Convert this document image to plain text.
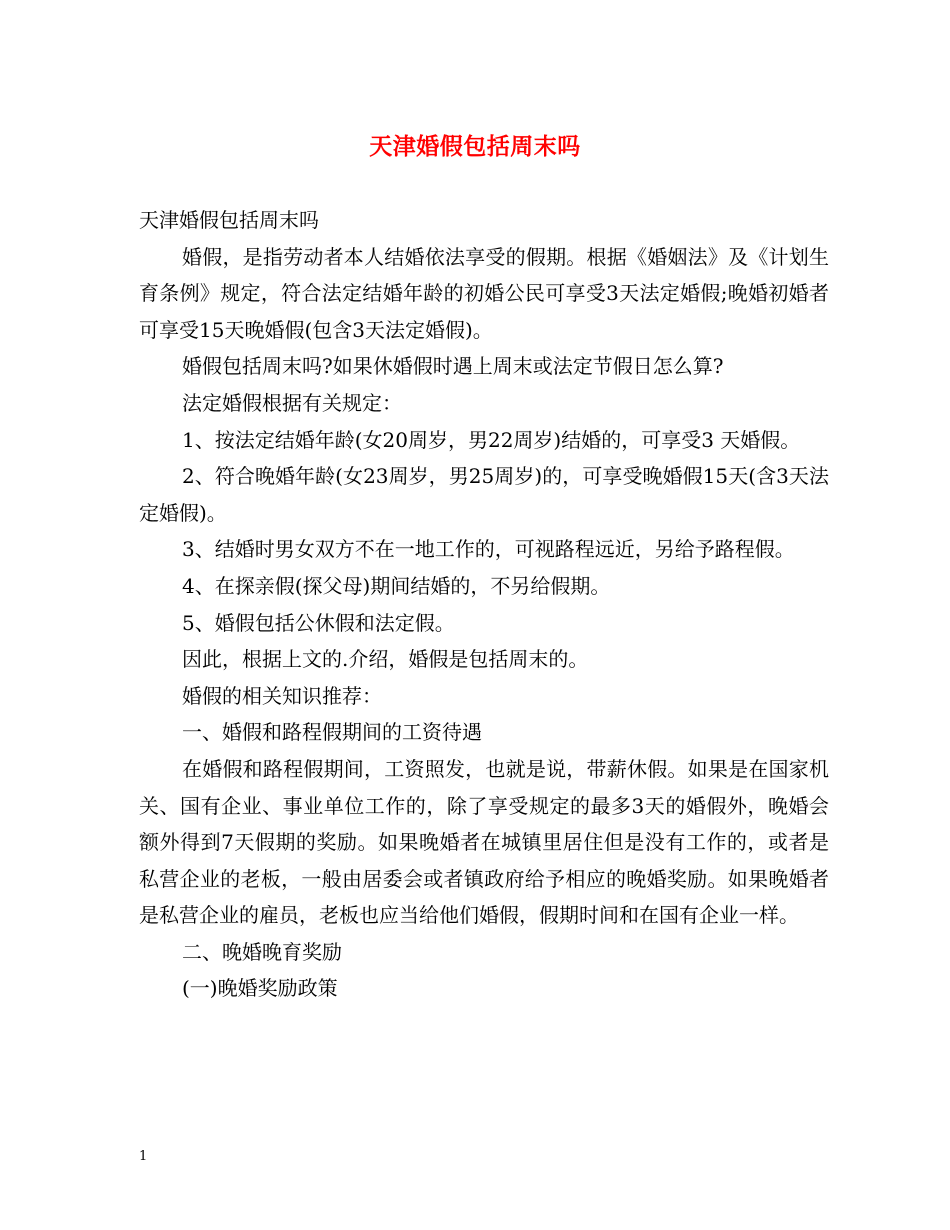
天津婚假包括周末吗

天津婚假包括周末吗

婚假，是指劳动者本人结婚依法享受的假期。根据《婚姻法》及《计划生育条例》规定，符合法定结婚年龄的初婚公民可享受3天法定婚假;晚婚初婚者可享受15天晚婚假(包含3天法定婚假)。

婚假包括周末吗?如果休婚假时遇上周末或法定节假日怎么算?

法定婚假根据有关规定：

1、按法定结婚年龄(女20周岁，男22周岁)结婚的，可享受3 天婚假。

2、符合晚婚年龄(女23周岁，男25周岁)的，可享受晚婚假15天(含3天法定婚假)。

3、结婚时男女双方不在一地工作的，可视路程远近，另给予路程假。

4、在探亲假(探父母)期间结婚的，不另给假期。

5、婚假包括公休假和法定假。

因此，根据上文的.介绍，婚假是包括周末的。

婚假的相关知识推荐：

一、婚假和路程假期间的工资待遇

在婚假和路程假期间，工资照发，也就是说，带薪休假。如果是在国家机关、国有企业、事业单位工作的，除了享受规定的最多3天的婚假外，晚婚会额外得到7天假期的奖励。如果晚婚者在城镇里居住但是没有工作的，或者是私营企业的老板，一般由居委会或者镇政府给予相应的晚婚奖励。如果晚婚者是私营企业的雇员，老板也应当给他们婚假，假期时间和在国有企业一样。

二、晚婚晚育奖励

(一)晚婚奖励政策

1
